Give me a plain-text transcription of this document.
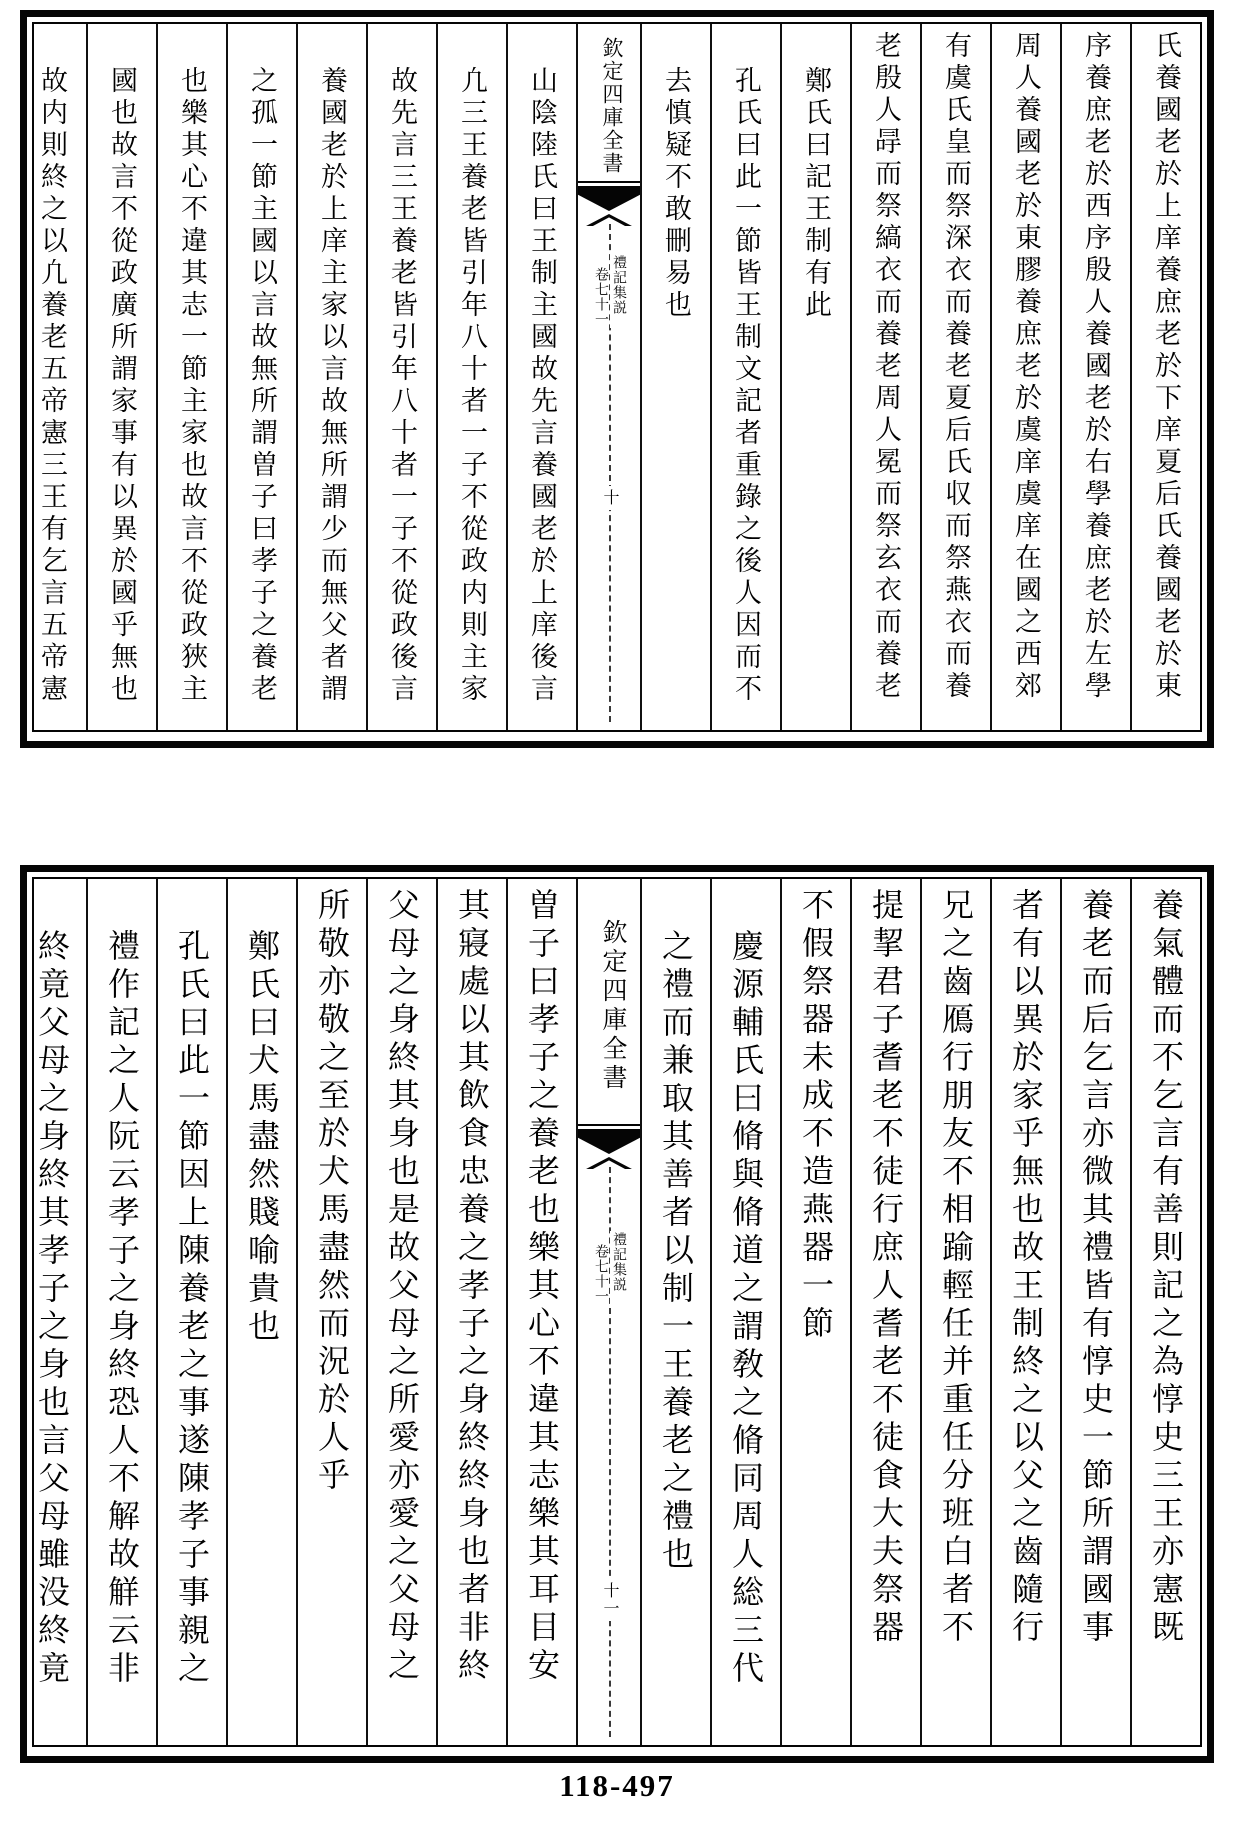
氏養國老於上庠養庶老於下庠夏后氏養國老於東
序養庶老於西序殷人養國老於右學養庶老於左學
周人養國老於東膠養庶老於虞庠虞庠在國之西郊
有虞氏皇而祭深衣而養老夏后氏収而祭燕衣而養
老殷人冔而祭縞衣而養老周人冕而祭玄衣而養老
鄭氏曰記王制有此
孔氏曰此一節皆王制文記者重錄之後人因而不
去慎疑不敢刪易也
欽定四庫全書
禮記集説
卷七十一
十
山陰陸氏曰王制主國故先言養國老於上庠後言
凢三王養老皆引年八十者一子不從政内則主家
故先言三王養老皆引年八十者一子不從政後言
養國老於上庠主家以言故無所謂少而無父者謂
之孤一節主國以言故無所謂曽子曰孝子之養老
也樂其心不違其志一節主家也故言不從政狹主
國也故言不從政廣所謂家事有以異於國乎無也
故内則終之以凢養老五帝憲三王有乞言五帝憲
養氣體而不乞言有善則記之為惇史三王亦憲既
養老而后乞言亦微其禮皆有惇史一節所謂國事
者有以異於家乎無也故王制終之以父之齒隨行
兄之齒鴈行朋友不相踰輕任并重任分班白者不
提挈君子耆老不徒行庶人耆老不徒食大夫祭器
不假祭器未成不造燕器一節
慶源輔氏曰脩與脩道之謂敎之脩同周人総三代
之禮而兼取其善者以制一王養老之禮也
欽定四庫全書
禮記集説
卷七十一
十一
曽子曰孝子之養老也樂其心不違其志樂其耳目安
其寢處以其飲食忠養之孝子之身終終身也者非終
父母之身終其身也是故父母之所愛亦愛之父母之
所敬亦敬之至於犬馬盡然而況於人乎
鄭氏曰犬馬盡然賤喻貴也
孔氏曰此一節因上陳養老之事遂陳孝子事親之
禮作記之人阮云孝子之身終恐人不解故觧云非
終竟父母之身終其孝子之身也言父母雖没終竟
118-497
